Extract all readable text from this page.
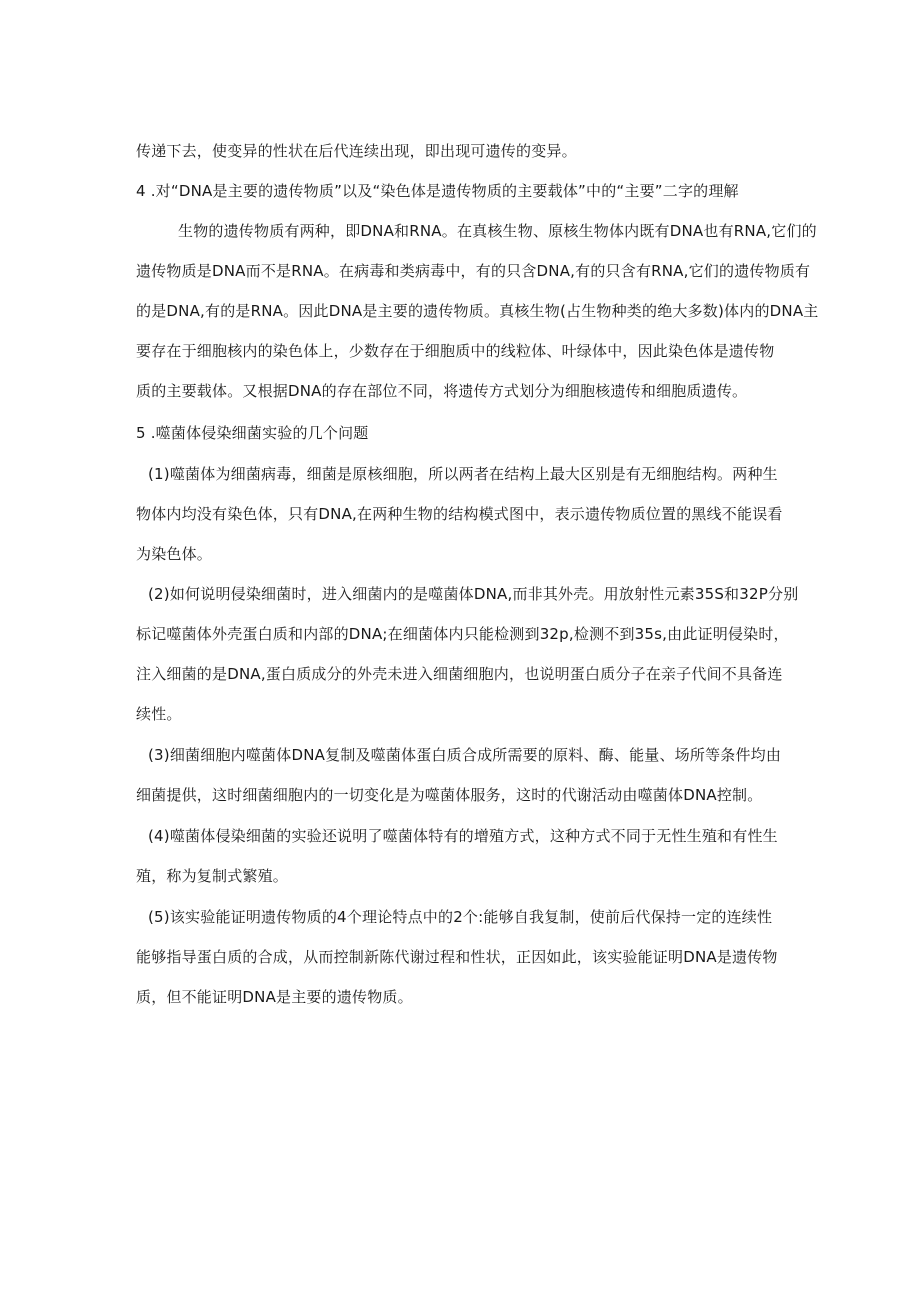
传递下去，使变异的性状在后代连续出现，即出现可遗传的变异。
4 .对“DNA是主要的遗传物质”以及“染色体是遗传物质的主要载体”中的“主要”二字的理解
生物的遗传物质有两种，即DNA和RNA。在真核生物、原核生物体内既有DNA也有RNA,它们的
遗传物质是DNA而不是RNA。在病毒和类病毒中，有的只含DNA,有的只含有RNA,它们的遗传物质有
的是DNA,有的是RNA。因此DNA是主要的遗传物质。真核生物(占生物种类的绝大多数)体内的DNA主
要存在于细胞核内的染色体上，少数存在于细胞质中的线粒体、叶绿体中，因此染色体是遗传物
质的主要载体。又根据DNA的存在部位不同，将遗传方式划分为细胞核遗传和细胞质遗传。
5 .噬菌体侵染细菌实验的几个问题
(1)噬菌体为细菌病毒，细菌是原核细胞，所以两者在结构上最大区别是有无细胞结构。两种生
物体内均没有染色体，只有DNA,在两种生物的结构模式图中，表示遗传物质位置的黑线不能误看
为染色体。
(2)如何说明侵染细菌时，进入细菌内的是噬菌体DNA,而非其外壳。用放射性元素35S和32P分别
标记噬菌体外壳蛋白质和内部的DNA;在细菌体内只能检测到32p,检测不到35s,由此证明侵染时，
注入细菌的是DNA,蛋白质成分的外壳未进入细菌细胞内，也说明蛋白质分子在亲子代间不具备连
续性。
(3)细菌细胞内噬菌体DNA复制及噬菌体蛋白质合成所需要的原料、酶、能量、场所等条件均由
细菌提供，这时细菌细胞内的一切变化是为噬菌体服务，这时的代谢活动由噬菌体DNA控制。
(4)噬菌体侵染细菌的实验还说明了噬菌体特有的增殖方式，这种方式不同于无性生殖和有性生
殖，称为复制式繁殖。
(5)该实验能证明遗传物质的4个理论特点中的2个:能够自我复制，使前后代保持一定的连续性
能够指导蛋白质的合成，从而控制新陈代谢过程和性状，正因如此，该实验能证明DNA是遗传物
质，但不能证明DNA是主要的遗传物质。
